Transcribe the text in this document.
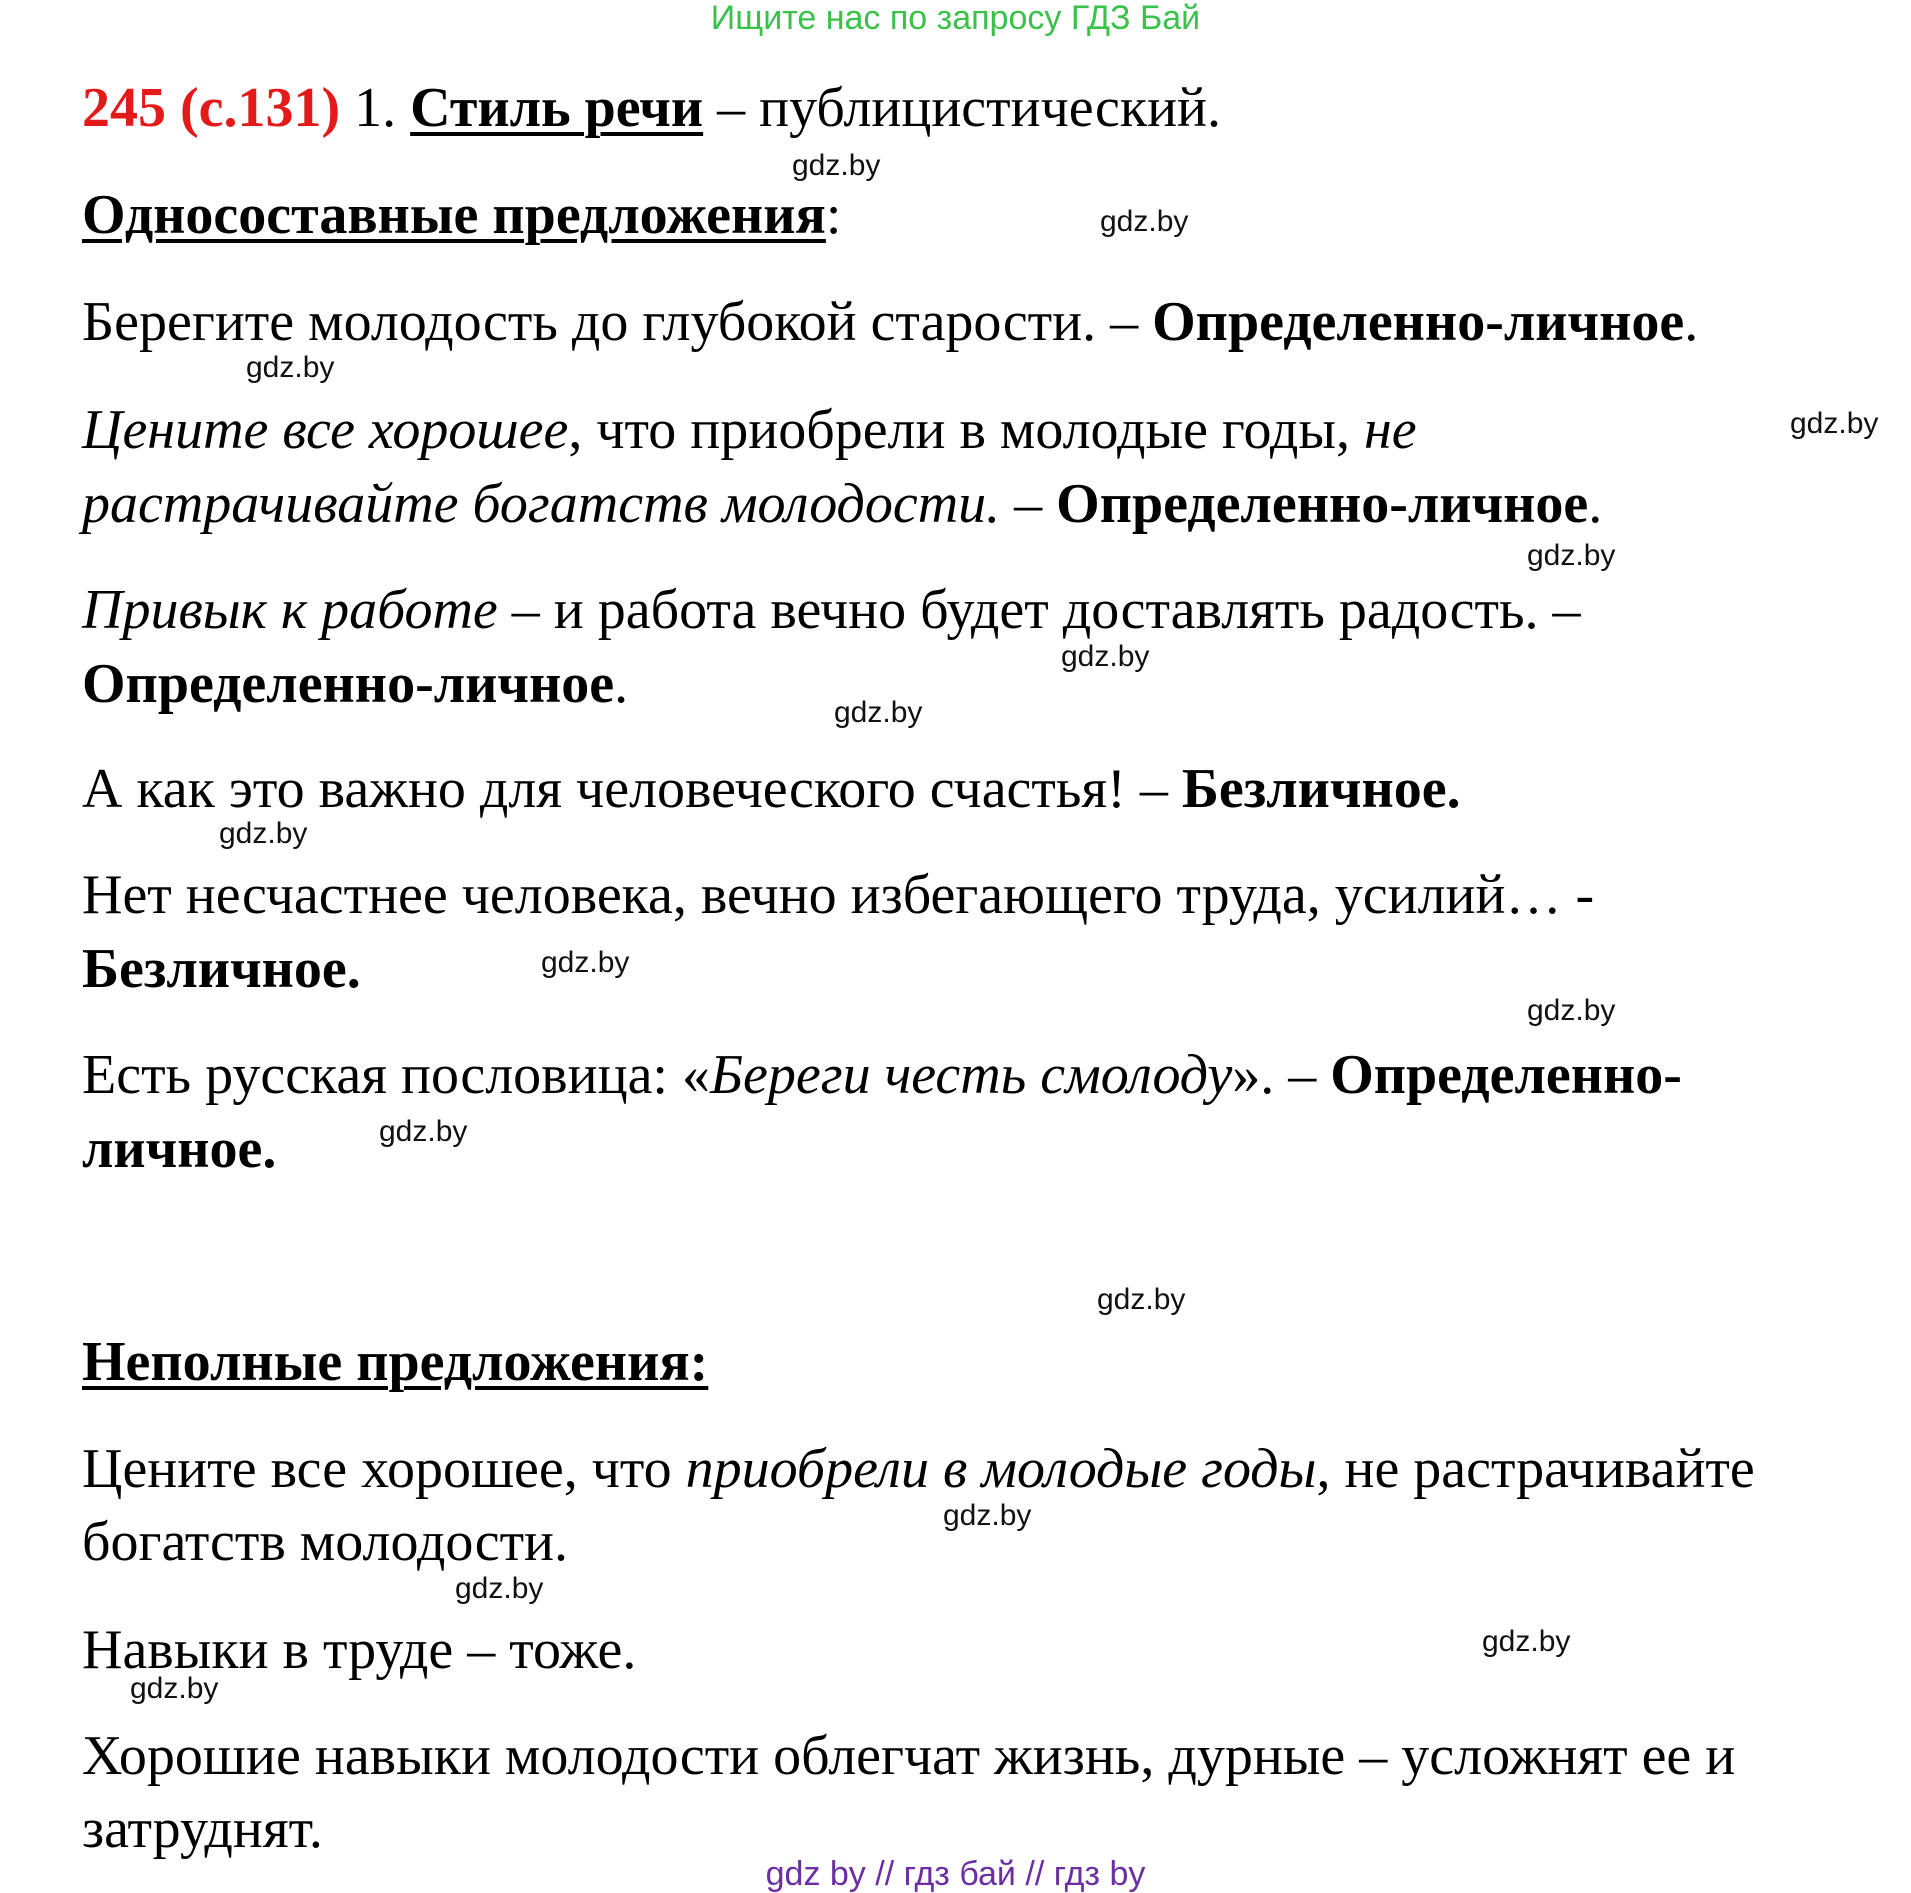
Ищите нас по запросу ГДЗ Бай
245 (с.131) 1. Стиль речи – публицистический.
Односоставные предложения:
Берегите молодость до глубокой старости. – Определенно-личное.
Цените все хорошее, что приобрели в молодые годы, не
растрачивайте богатств молодости. – Определенно-личное.
Привык к работе – и работа вечно будет доставлять радость. –
Определенно-личное.
А как это важно для человеческого счастья! – Безличное.
Нет несчастнее человека, вечно избегающего труда, усилий… -
Безличное.
Есть русская пословица: «Береги честь смолоду». – Определенно-
личное.
Неполные предложения:
Цените все хорошее, что приобрели в молодые годы, не растрачивайте
богатств молодости.
Навыки в труде – тоже.
Хорошие навыки молодости облегчат жизнь, дурные – усложнят ее и
затруднят.
gdz.by
gdz.by
gdz.by
gdz.by
gdz.by
gdz.by
gdz.by
gdz.by
gdz.by
gdz.by
gdz.by
gdz.by
gdz.by
gdz.by
gdz.by
gdz.by
gdz by // гдз бай // гдз by
